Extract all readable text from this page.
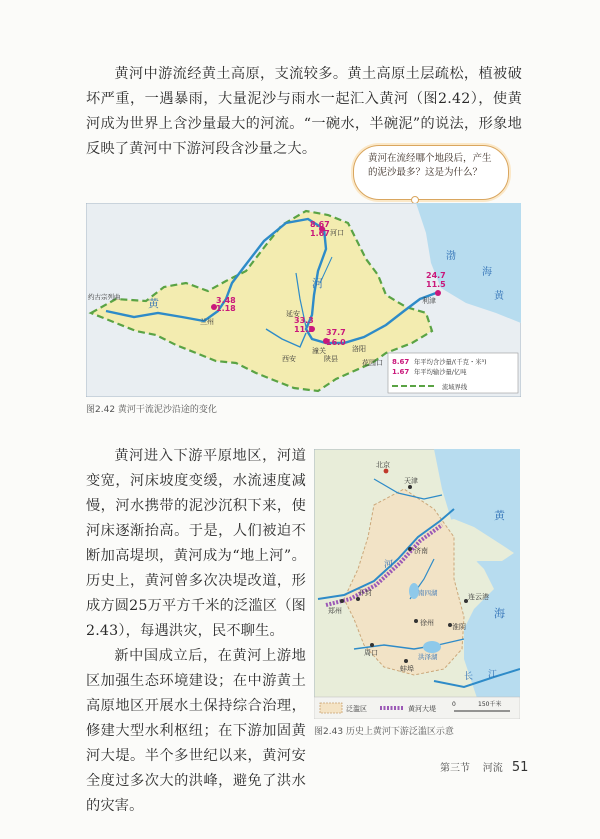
黄河中游流经黄土高原，支流较多。黄土高原土层疏松，植被破坏严重，一遇暴雨，大量泥沙与雨水一起汇入黄河（图2.42），使黄河成为世界上含沙量最大的河流。“一碗水，半碗泥”的说法，形象地反映了黄河中下游河段含沙量之大。

黄河在流经哪个地段后，产生的泥沙最多？这是为什么？
黄
河
约古宗列曲
兰州
延安
河口
西安
潼关	洛阳
陕县	花园口
利津
渤
海
黄
3.48
1.18
8.67
1.67
33.3
11.2 37.7
16.0
24.7
11.5
8.67 年平均含沙量/(千克・米³)
1.67 年平均输沙量/亿吨
流域界线
图2.42 黄河干流泥沙沿途的变化

黄河进入下游平原地区，河道变宽，河床坡度变缓，水流速度减慢，河水携带的泥沙沉积下来，使河床逐渐抬高。于是，人们被迫不断加高堤坝，黄河成为“地上河”。历史上，黄河曾多次决堤改道，形成方圆25万平方千米的泛滥区（图2.43），每遇洪灾，民不聊生。

新中国成立后，在黄河上游地区加强生态环境建设；在中游黄土高原地区开展水土保持综合治理，修建大型水利枢纽；在下游加固黄河大堤。半个多世纪以来，黄河安全度过多次大的洪峰，避免了洪水的灾害。

北京
天津
济南
郑州
开封
徐州
周口
蚌埠
淮阴
洪泽湖
南四湖	连云港
黄
海
河
长 江
泛滥区	黄河大堤
0	150千米
图2.43 历史上黄河下游泛滥区示意
第三节 河流 51
